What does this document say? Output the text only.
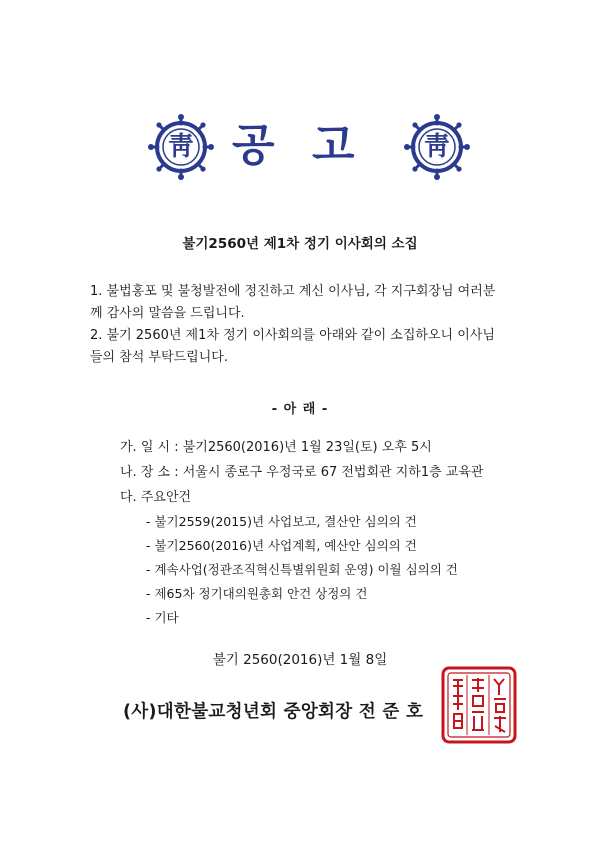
공 고
靑	靑
불기2560년 제1차 정기 이사회의 소집
1. 불법홍포 및 불청발전에 정진하고 계신 이사님, 각 지구회장님 여러분
께 감사의 말씀을 드립니다.
2. 불기 2560년 제1차 정기 이사회의를 아래와 같이 소집하오니 이사님
들의 참석 부탁드립니다.
- 아 래 -
가. 일 시 : 불기2560(2016)년 1월 23일(토) 오후 5시
나. 장 소 : 서울시 종로구 우정국로 67 전법회관 지하1층 교육관
다. 주요안건
- 불기2559(2015)년 사업보고, 결산안 심의의 건
- 불기2560(2016)년 사업계획, 예산안 심의의 건
- 계속사업(정관조직혁신특별위원회 운영) 이월 심의의 건
- 제65차 정기대의원총회 안건 상정의 건
- 기타
불기 2560(2016)년 1월 8일
(사)대한불교청년회 중앙회장 전 준 호
